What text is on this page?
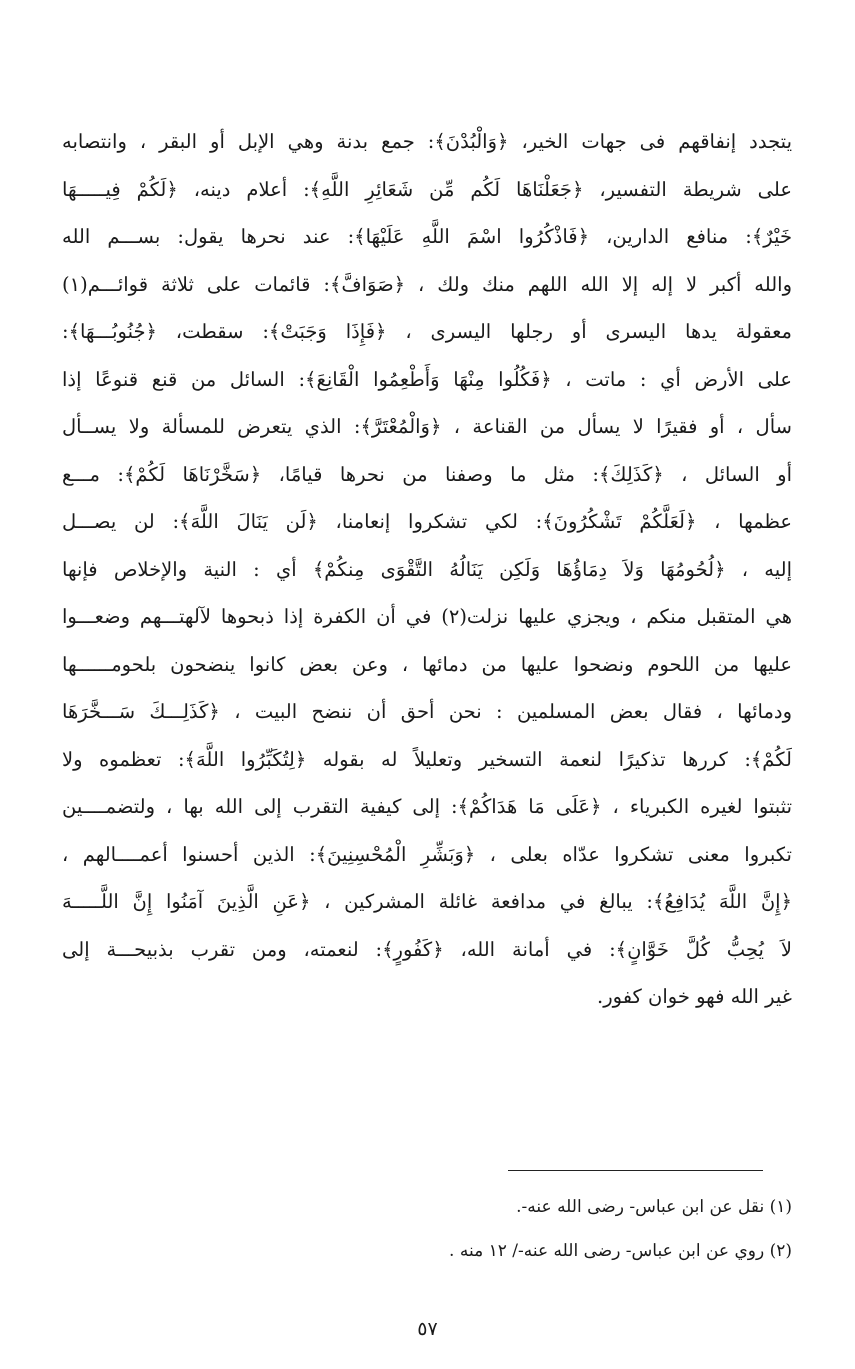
يتجدد إنفاقهم فى جهات الخير، ﴿وَالْبُدْنَ﴾: جمع بدنة وهي الإبل أو البقر ، وانتصابه
على شريطة التفسير، ﴿جَعَلْنَاهَا لَكُم مِّن شَعَائِرِ اللَّهِ﴾: أعلام دينه، ﴿لَكُمْ فِيـــــهَا
خَيْرٌ﴾: منافع الدارين، ﴿فَاذْكُرُوا اسْمَ اللَّهِ عَلَيْهَا﴾: عند نحرها يقول: بســـم الله
والله أكبر لا إله إلا الله اللهم منك ولك ، ﴿صَوَافَّ﴾: قائمات على ثلاثة قوائـــم(١)
معقولة يدها اليسرى أو رجلها اليسرى ، ﴿فَإِذَا وَجَبَتْ﴾: سقطت، ﴿جُنُوبُـــهَا﴾:
على الأرض أي : ماتت ، ﴿فَكُلُوا مِنْهَا وَأَطْعِمُوا الْقَانِعَ﴾: السائل من قنع قنوعًا إذا
سأل ، أو فقيرًا لا يسأل من القناعة ، ﴿وَالْمُعْتَرَّ﴾: الذي يتعرض للمسألة ولا يســأل
أو السائل ، ﴿كَذَلِكَ﴾: مثل ما وصفنا من نحرها قيامًا، ﴿سَخَّرْنَاهَا لَكُمْ﴾: مـــع
عظمها ، ﴿لَعَلَّكُمْ تَشْكُرُونَ﴾: لكي تشكروا إنعامنا، ﴿لَن يَنَالَ اللَّهَ﴾: لن يصـــل
إليه ، ﴿لُحُومُهَا وَلاَ دِمَاؤُهَا وَلَكِن يَنَالُهُ التَّقْوَى مِنكُمْ﴾ أي : النية والإخلاص فإنها
هي المتقبل منكم ، ويجزي عليها نزلت(٢) في أن الكفرة إذا ذبحوها لآلهتـــهم وضعـــوا
عليها من اللحوم ونضحوا عليها من دمائها ، وعن بعض كانوا ينضحون بلحومــــــها
ودمائها ، فقال بعض المسلمين : نحن أحق أن ننضح البيت ، ﴿كَذَلِـــكَ سَـــخَّرَهَا
لَكُمْ﴾: كررها تذكيرًا لنعمة التسخير وتعليلاً له بقوله ﴿لِتُكَبِّرُوا اللَّهَ﴾: تعظموه ولا
تثبتوا لغيره الكبرياء ، ﴿عَلَى مَا هَدَاكُمْ﴾: إلى كيفية التقرب إلى الله بها ، ولتضمــــين
تكبروا معنى تشكروا عدّاه بعلى ، ﴿وَبَشِّرِ الْمُحْسِنِينَ﴾: الذين أحسنوا أعمــــالهم ،
﴿إِنَّ اللَّهَ يُدَافِعُ﴾: يبالغ في مدافعة غائلة المشركين ، ﴿عَنِ الَّذِينَ آمَنُوا إِنَّ اللَّـــــهَ
لاَ يُحِبُّ كُلَّ خَوَّانٍ﴾: في أمانة الله، ﴿كَفُورٍ﴾: لنعمته، ومن تقرب بذبيحـــة إلى
غير الله فهو خوان كفور.
(١) نقل عن ابن عباس- رضى الله عنه-.
(٢) روي عن ابن عباس- رضى الله عنه-/ ١٢ منه .
٥٧
